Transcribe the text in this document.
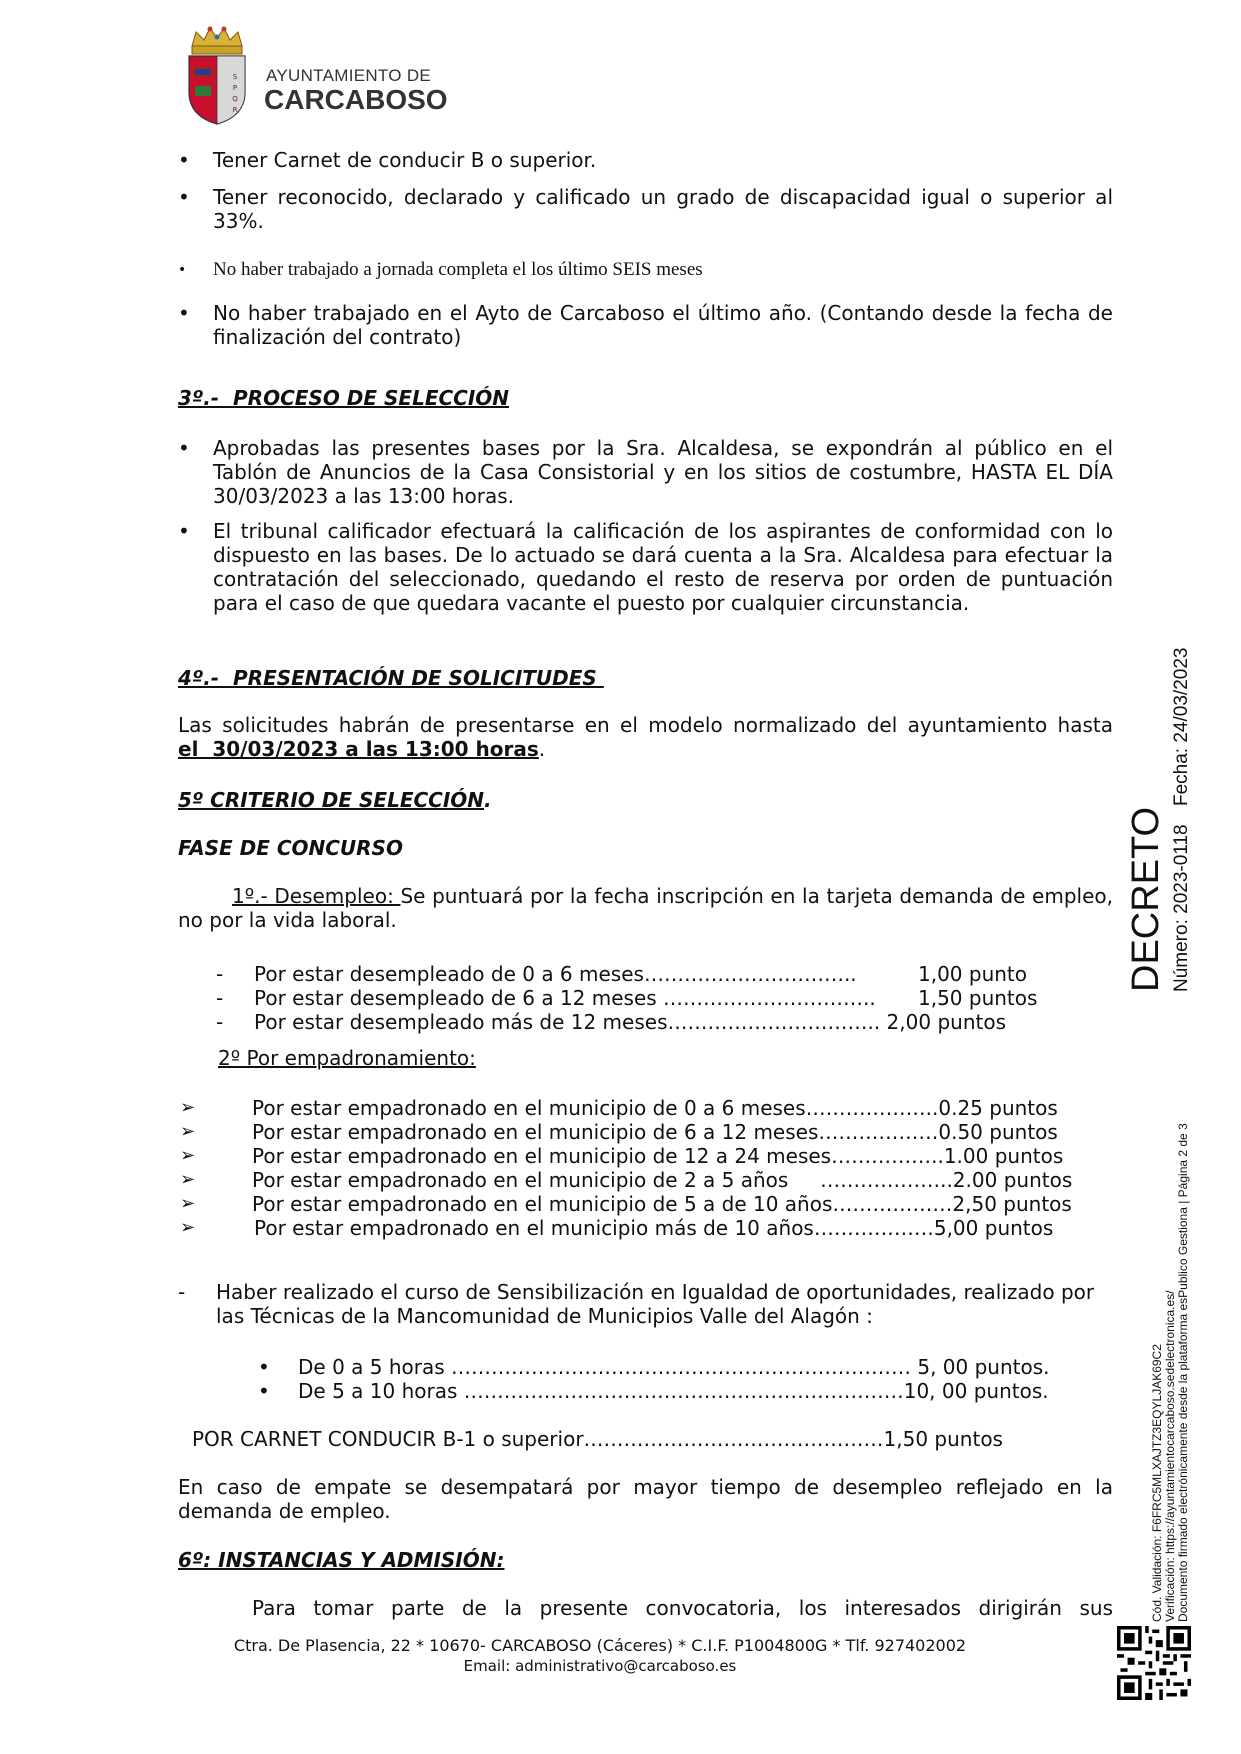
S
P
Q
R
AYUNTAMIENTO DE
CARCABOSO
• Tener Carnet de conducir B o superior.
• Tener reconocido, declarado y calificado un grado de discapacidad igual o superior al 33%.
• No haber trabajado a jornada completa el los último SEIS meses
• No haber trabajado en el Ayto de Carcaboso el último año. (Contando desde la fecha de finalización del contrato)
3º.-  PROCESO DE SELECCIÓN
• Aprobadas las presentes bases por la Sra. Alcaldesa, se expondrán al público en el Tablón de Anuncios de la Casa Consistorial y en los sitios de costumbre, HASTA EL DÍA 30/03/2023 a las 13:00 horas.
• El tribunal calificador efectuará la calificación de los aspirantes de conformidad con lo dispuesto en las bases. De lo actuado se dará cuenta a la Sra. Alcaldesa para efectuar la contratación del seleccionado, quedando el resto de reserva por orden de puntuación para el caso de que quedara vacante el puesto por cualquier circunstancia.
4º.-  PRESENTACIÓN DE SOLICITUDES
Las solicitudes habrán de presentarse en el modelo normalizado del ayuntamiento hasta el  30/03/2023 a las 13:00 horas.
5º CRITERIO DE SELECCIÓN.
FASE DE CONCURSO
1º.- Desempleo: Se puntuará por la fecha inscripción en la tarjeta demanda de empleo, no por la vida laboral.
- Por estar desempleado de 0 a 6 meses…………………………..	1,00 punto
- Por estar desempleado de 6 a 12 meses ………………………….. 1,50 puntos
- Por estar desempleado más de 12 meses………………………….. 2,00 puntos
2º Por empadronamiento:
➢	Por estar empadronado en el municipio de 0 a 6 meses………………..0.25 puntos
➢	Por estar empadronado en el municipio de 6 a 12 meses………………0.50 puntos
➢	Por estar empadronado en el municipio de 12 a 24 meses……………..1.00 puntos
➢	Por estar empadronado en el municipio de 2 a 5 años     ………………..2.00 puntos
➢	Por estar empadronado en el municipio de 5 a de 10 años………………2,50 puntos
➢	Por estar empadronado en el municipio más de 10 años………………5,00 puntos
- Haber realizado el curso de Sensibilización en Igualdad de oportunidades, realizado por las Técnicas de la Mancomunidad de Municipios Valle del Alagón :
• De 0 a 5 horas …………………………………………………………… 5, 00 puntos.
• De 5 a 10 horas …………………………………………………………10, 00 puntos.
POR CARNET CONDUCIR B-1 o superior………………………………………1,50 puntos
En caso de empate se desempatará por mayor tiempo de desempleo reflejado en la demanda de empleo.
6º: INSTANCIAS Y ADMISIÓN:
Para tomar parte de la presente convocatoria, los interesados dirigirán sus
Ctra. De Plasencia, 22 * 10670- CARCABOSO (Cáceres) * C.I.F. P1004800G * Tlf. 927402002
Email: administrativo@carcaboso.es
DECRETO Número: 2023-0118
Fecha: 24/03/2023
Cód. Validación: F6FRC5MLXAJTZ3EQYLJAK69C2 Verificación: https://ayuntamientocarcaboso.sedelectronica.es/ Documento firmado electrónicamente desde la plataforma esPublico Gestiona | Página 2 de 3
